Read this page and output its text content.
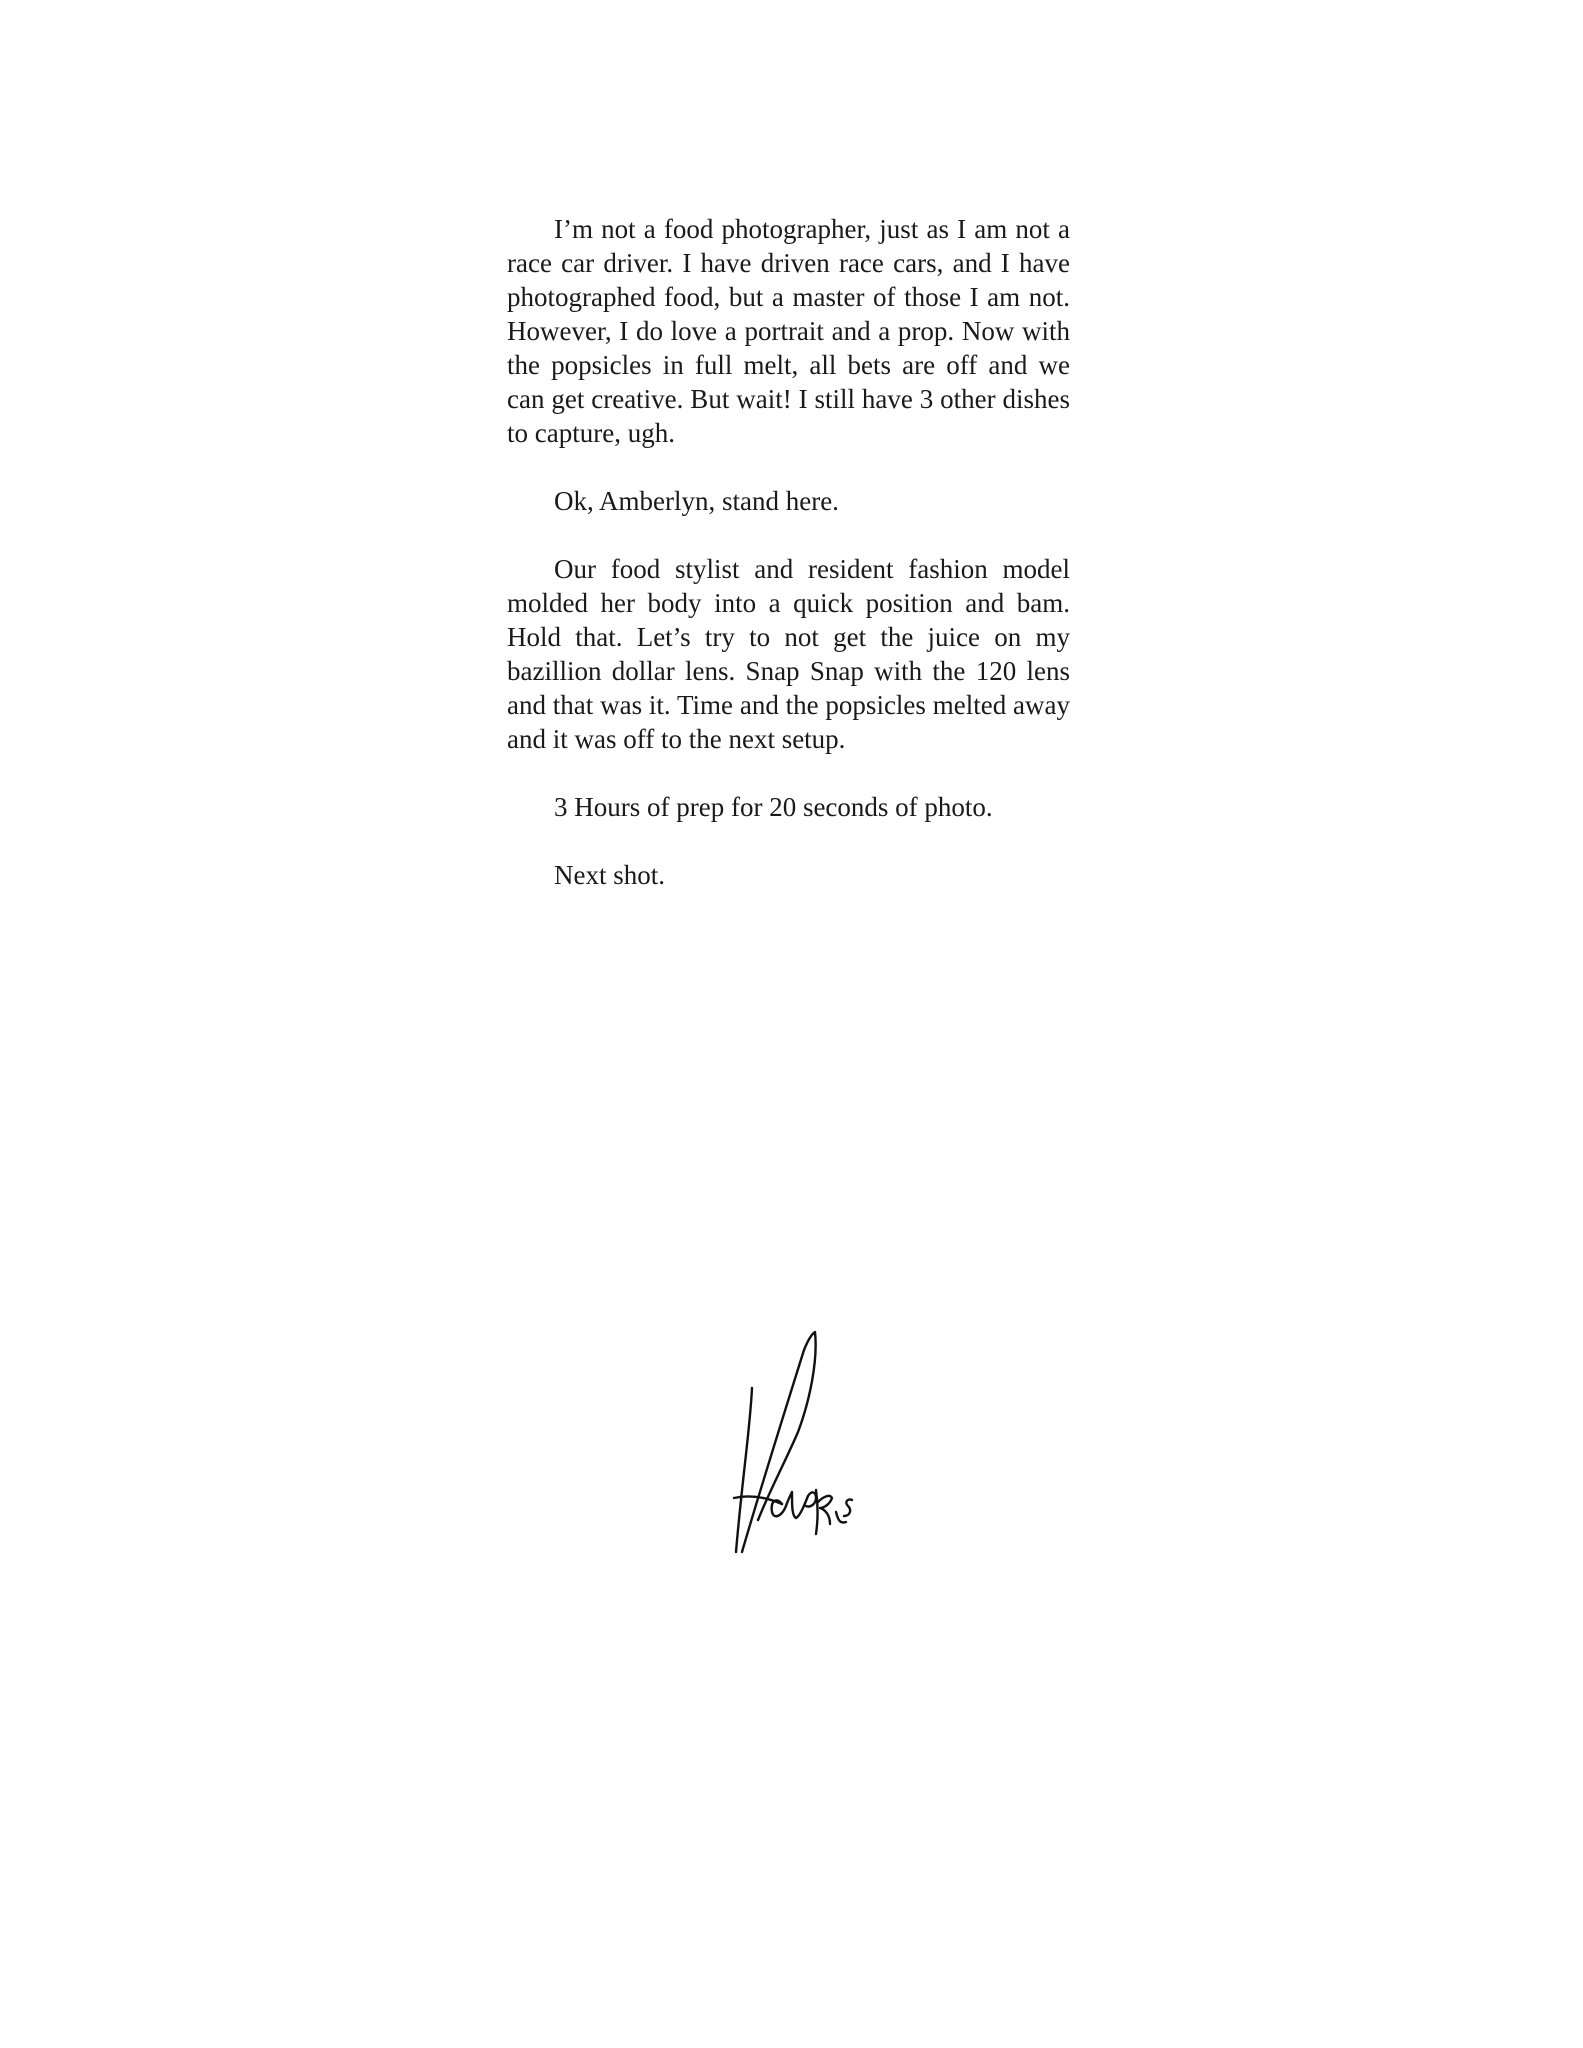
I’m not a food photographer, just as I am not a race car driver. I have driven race cars, and I have photographed food, but a master of those I am not. However, I do love a portrait and a prop. Now with the popsicles in full melt, all bets are off and we can get creative. But wait! I still have 3 other dishes to capture, ugh.

Ok, Amberlyn, stand here.

Our food stylist and resident fashion model molded her body into a quick position and bam. Hold that. Let’s try to not get the juice on my bazillion dollar lens. Snap Snap with the 120 lens and that was it. Time and the popsicles melted away and it was off to the next setup.

3 Hours of prep for 20 seconds of photo.

Next shot.
